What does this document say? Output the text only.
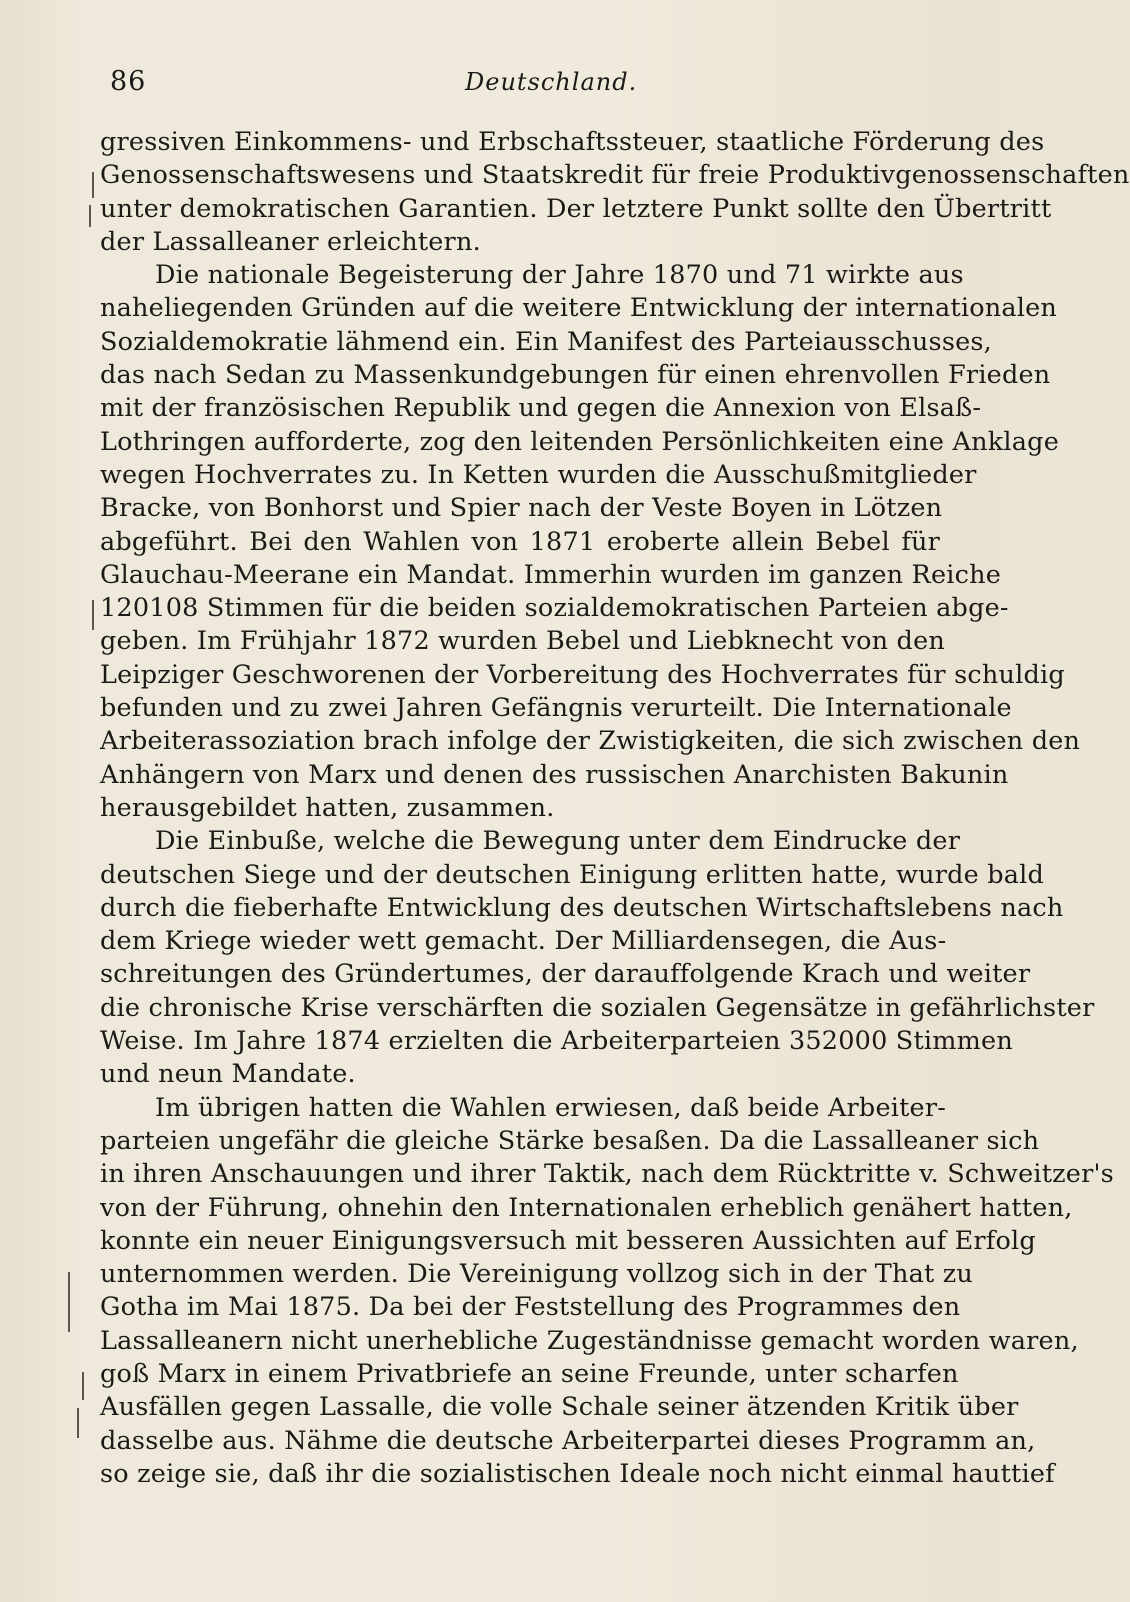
86	Deutschland.
gressiven Einkommens- und Erbschaftssteuer, staatliche Förderung des
Genossenschaftswesens und Staatskredit für freie Produktivgenossenschaften
unter demokratischen Garantien. Der letztere Punkt sollte den Übertritt
der Lassalleaner erleichtern.
Die nationale Begeisterung der Jahre 1870 und 71 wirkte aus
naheliegenden Gründen auf die weitere Entwicklung der internationalen
Sozialdemokratie lähmend ein. Ein Manifest des Parteiausschusses,
das nach Sedan zu Massenkundgebungen für einen ehrenvollen Frieden
mit der französischen Republik und gegen die Annexion von Elsaß-
Lothringen aufforderte, zog den leitenden Persönlichkeiten eine Anklage
wegen Hochverrates zu. In Ketten wurden die Ausschußmitglieder
Bracke, von Bonhorst und Spier nach der Veste Boyen in Lötzen
abgeführt. Bei den Wahlen von 1871 eroberte allein Bebel für
Glauchau-Meerane ein Mandat. Immerhin wurden im ganzen Reiche
120108 Stimmen für die beiden sozialdemokratischen Parteien abge-
geben. Im Frühjahr 1872 wurden Bebel und Liebknecht von den
Leipziger Geschworenen der Vorbereitung des Hochverrates für schuldig
befunden und zu zwei Jahren Gefängnis verurteilt. Die Internationale
Arbeiterassoziation brach infolge der Zwistigkeiten, die sich zwischen den
Anhängern von Marx und denen des russischen Anarchisten Bakunin
herausgebildet hatten, zusammen.
Die Einbuße, welche die Bewegung unter dem Eindrucke der
deutschen Siege und der deutschen Einigung erlitten hatte, wurde bald
durch die fieberhafte Entwicklung des deutschen Wirtschaftslebens nach
dem Kriege wieder wett gemacht. Der Milliardensegen, die Aus-
schreitungen des Gründertumes, der darauffolgende Krach und weiter
die chronische Krise verschärften die sozialen Gegensätze in gefährlichster
Weise. Im Jahre 1874 erzielten die Arbeiterparteien 352000 Stimmen
und neun Mandate.
Im übrigen hatten die Wahlen erwiesen, daß beide Arbeiter-
parteien ungefähr die gleiche Stärke besaßen. Da die Lassalleaner sich
in ihren Anschauungen und ihrer Taktik, nach dem Rücktritte v. Schweitzer's
von der Führung, ohnehin den Internationalen erheblich genähert hatten,
konnte ein neuer Einigungsversuch mit besseren Aussichten auf Erfolg
unternommen werden. Die Vereinigung vollzog sich in der That zu
Gotha im Mai 1875. Da bei der Feststellung des Programmes den
Lassalleanern nicht unerhebliche Zugeständnisse gemacht worden waren,
goß Marx in einem Privatbriefe an seine Freunde, unter scharfen
Ausfällen gegen Lassalle, die volle Schale seiner ätzenden Kritik über
dasselbe aus. Nähme die deutsche Arbeiterpartei dieses Programm an,
so zeige sie, daß ihr die sozialistischen Ideale noch nicht einmal hauttief
